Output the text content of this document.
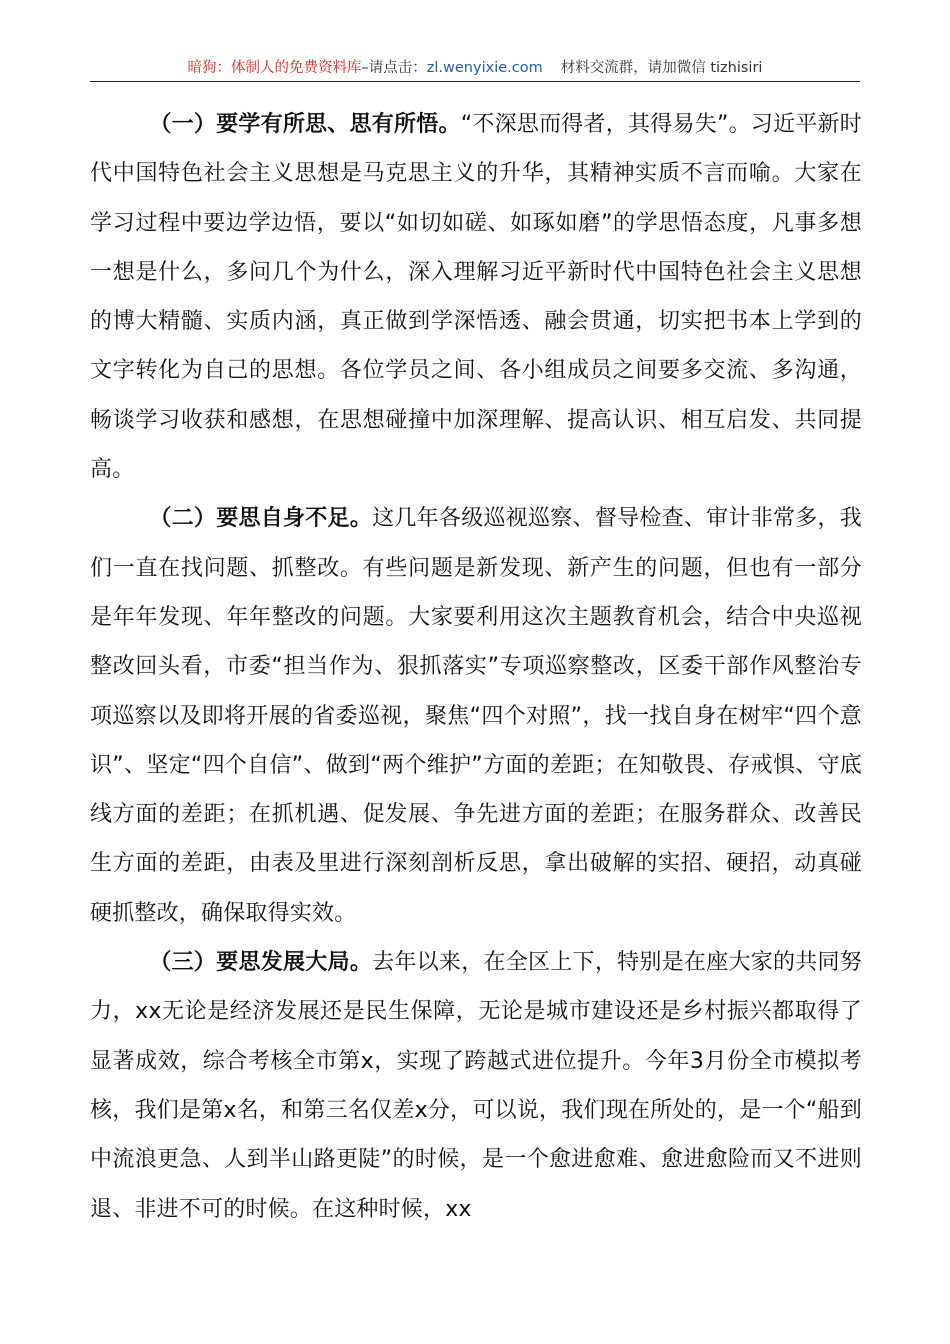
暗狗：体制人的免费资料库–请点击：zl.wenyixie.com 材料交流群，请加微信 tizhisiri

（一）要学有所思、思有所悟。“不深思而得者，其得易失”。习近平新时代中国特色社会主义思想是马克思主义的升华，其精神实质不言而喻。大家在学习过程中要边学边悟，要以“如切如磋、如琢如磨”的学思悟态度，凡事多想一想是什么，多问几个为什么，深入理解习近平新时代中国特色社会主义思想的博大精髓、实质内涵，真正做到学深悟透、融会贯通，切实把书本上学到的文字转化为自己的思想。各位学员之间、各小组成员之间要多交流、多沟通，畅谈学习收获和感想，在思想碰撞中加深理解、提高认识、相互启发、共同提高。

（二）要思自身不足。这几年各级巡视巡察、督导检查、审计非常多，我们一直在找问题、抓整改。有些问题是新发现、新产生的问题，但也有一部分是年年发现、年年整改的问题。大家要利用这次主题教育机会，结合中央巡视整改回头看，市委“担当作为、狠抓落实”专项巡察整改，区委干部作风整治专项巡察以及即将开展的省委巡视，聚焦“四个对照”，找一找自身在树牢“四个意识”、坚定“四个自信”、做到“两个维护”方面的差距；在知敬畏、存戒惧、守底线方面的差距；在抓机遇、促发展、争先进方面的差距；在服务群众、改善民生方面的差距，由表及里进行深刻剖析反思，拿出破解的实招、硬招，动真碰硬抓整改，确保取得实效。

（三）要思发展大局。去年以来，在全区上下，特别是在座大家的共同努力，xx无论是经济发展还是民生保障，无论是城市建设还是乡村振兴都取得了显著成效，综合考核全市第x，实现了跨越式进位提升。今年3月份全市模拟考核，我们是第x名，和第三名仅差x分，可以说，我们现在所处的，是一个“船到中流浪更急、人到半山路更陡”的时候，是一个愈进愈难、愈进愈险而又不进则退、非进不可的时候。在这种时候，xx
